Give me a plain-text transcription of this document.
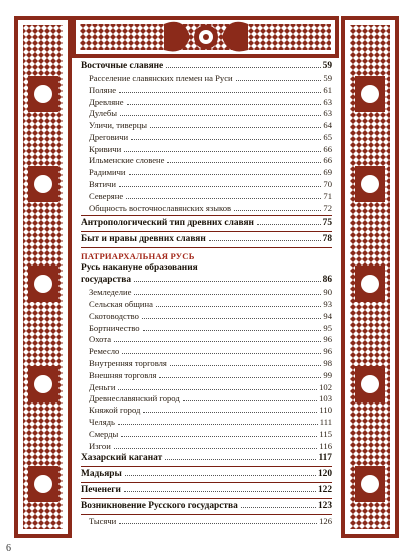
Восточные славяне	59
Расселение славянских племен на Руси	59
Поляне	61
Древляне	63
Дулебы	63
Уличи, тиверцы	64
Дреговичи	65
Кривичи	66
Ильменские словене	66
Радимичи	69
Вятичи	70
Северяне	71
Общность восточнославянских языков	72
Антропологический тип древних славян	75
Быт и нравы древних славян	78
ПАТРИАРХАЛЬНАЯ РУСЬ
Русь накануне образования
государства	86
Земледелие	90
Сельская община	93
Скотоводство	94
Бортничество	95
Охота	96
Ремесло	96
Внутренняя торговля	98
Внешняя торговля	99
Деньги	102
Древнеславянский город	103
Княжой город	110
Челядь	111
Смерды	115
Изгои	116
Хазарский каганат	117
Мадьяры	120
Печенеги	122
Возникновение Русского государства	123
Тысячи	126
6
